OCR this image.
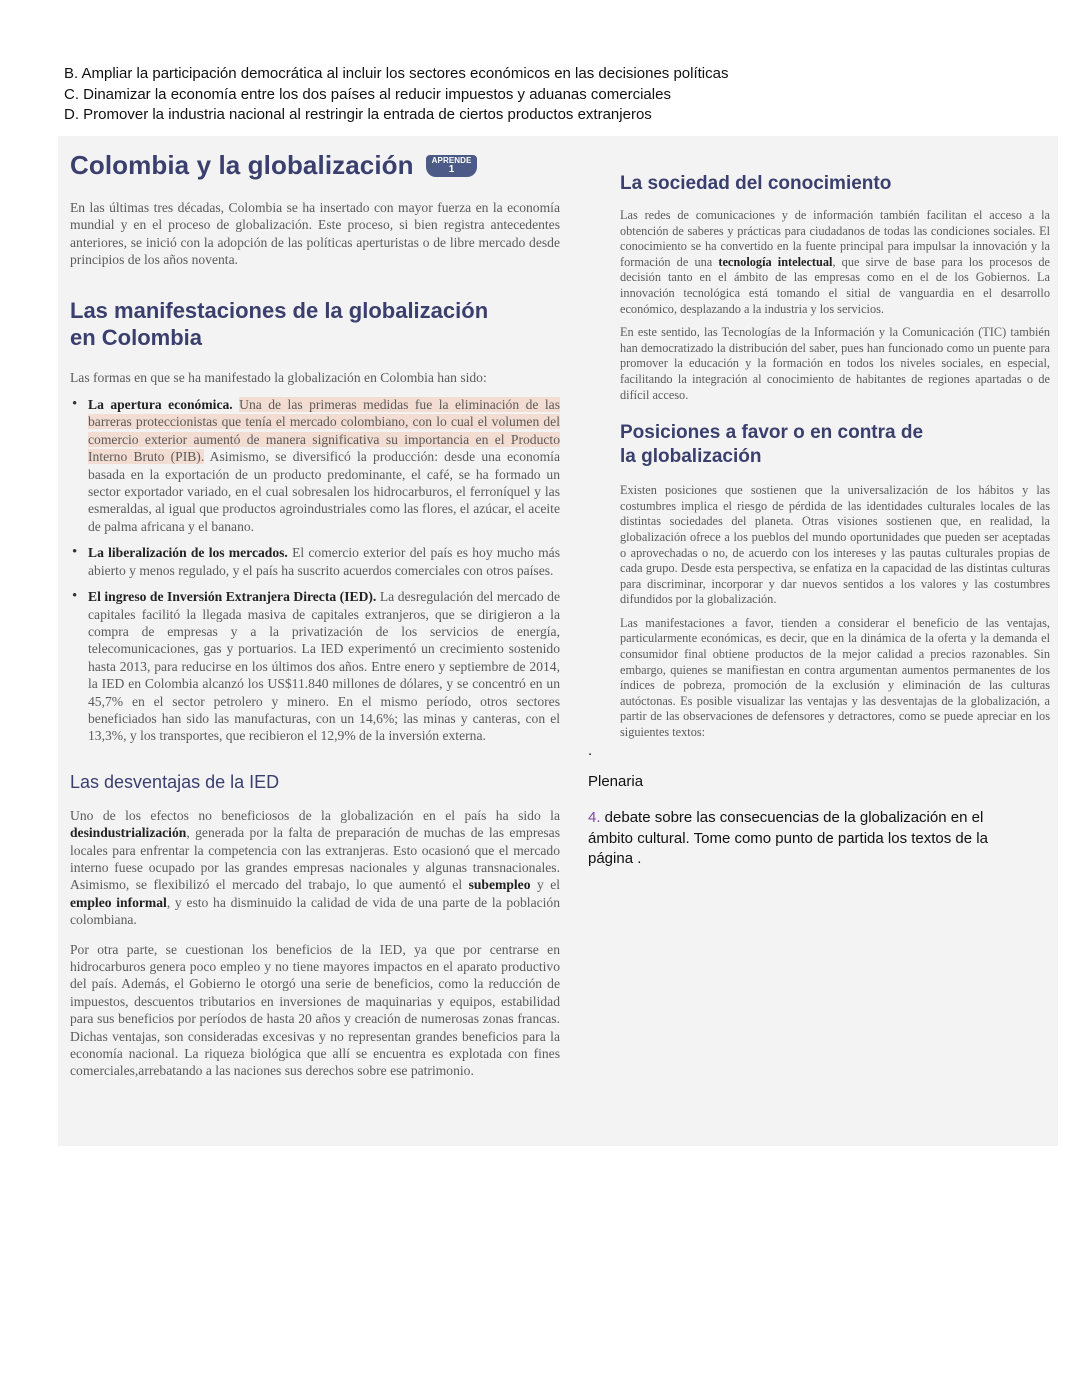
B. Ampliar la participación democrática al incluir los sectores económicos en las decisiones políticas

C. Dinamizar la economía entre los dos países al reducir impuestos y aduanas comerciales

D. Promover la industria nacional al restringir la entrada de ciertos productos extranjeros

Colombia y la globalización APRENDE
1

En las últimas tres décadas, Colombia se ha insertado con mayor fuerza en la economía mundial y en el proceso de globalización. Este proceso, si bien registra antecedentes anteriores, se inició con la adopción de las políticas aperturistas o de libre mercado desde principios de los años noventa.

Las manifestaciones de la globalización en Colombia

Las formas en que se ha manifestado la globalización en Colombia han sido:

• La apertura económica. Una de las primeras medidas fue la eliminación de las barreras proteccionistas que tenía el mercado colombiano, con lo cual el volumen del comercio exterior aumentó de manera significativa su importancia en el Producto Interno Bruto (PIB). Asimismo, se diversificó la producción: desde una economía basada en la exportación de un producto predominante, el café, se ha formado un sector exportador variado, en el cual sobresalen los hidrocarburos, el ferroníquel y las esmeraldas, al igual que productos agroindustriales como las flores, el azúcar, el aceite de palma africana y el banano.
• La liberalización de los mercados. El comercio exterior del país es hoy mucho más abierto y menos regulado, y el país ha suscrito acuerdos comerciales con otros países.
• El ingreso de Inversión Extranjera Directa (IED). La desregulación del mercado de capitales facilitó la llegada masiva de capitales extranjeros, que se dirigieron a la compra de empresas y a la privatización de los servicios de energía, telecomunicaciones, gas y portuarios. La IED experimentó un crecimiento sostenido hasta 2013, para reducirse en los últimos dos años. Entre enero y septiembre de 2014, la IED en Colombia alcanzó los US$11.840 millones de dólares, y se concentró en un 45,7% en el sector petrolero y minero. En el mismo período, otros sectores beneficiados han sido las manufacturas, con un 14,6%; las minas y canteras, con el 13,3%, y los transportes, que recibieron el 12,9% de la inversión externa.
Las desventajas de la IED

Uno de los efectos no beneficiosos de la globalización en el país ha sido la desindustrialización, generada por la falta de preparación de muchas de las empresas locales para enfrentar la competencia con las extranjeras. Esto ocasionó que el mercado interno fuese ocupado por las grandes empresas nacionales y algunas transnacionales. Asimismo, se flexibilizó el mercado del trabajo, lo que aumentó el subempleo y el empleo informal, y esto ha disminuido la calidad de vida de una parte de la población colombiana.

Por otra parte, se cuestionan los beneficios de la IED, ya que por centrarse en hidrocarburos genera poco empleo y no tiene mayores impactos en el aparato productivo del país. Además, el Gobierno le otorgó una serie de beneficios, como la reducción de impuestos, descuentos tributarios en inversiones de maquinarias y equipos, estabilidad para sus beneficios por períodos de hasta 20 años y creación de numerosas zonas francas. Dichas ventajas, son consideradas excesivas y no representan grandes beneficios para la economía nacional. La riqueza biológica que allí se encuentra es explotada con fines comerciales,arrebatando a las naciones sus derechos sobre ese patrimonio.

La sociedad del conocimiento

Las redes de comunicaciones y de información también facilitan el acceso a la obtención de saberes y prácticas para ciudadanos de todas las condiciones sociales. El conocimiento se ha convertido en la fuente principal para impulsar la innovación y la formación de una tecnología intelectual, que sirve de base para los procesos de decisión tanto en el ámbito de las empresas como en el de los Gobiernos. La innovación tecnológica está tomando el sitial de vanguardia en el desarrollo económico, desplazando a la industria y los servicios.

En este sentido, las Tecnologías de la Información y la Comunicación (TIC) también han democratizado la distribución del saber, pues han funcionado como un puente para promover la educación y la formación en todos los niveles sociales, en especial, facilitando la integración al conocimiento de habitantes de regiones apartadas o de difícil acceso.

Posiciones a favor o en contra de la globalización

Existen posiciones que sostienen que la universalización de los hábitos y las costumbres implica el riesgo de pérdida de las identidades culturales locales de las distintas sociedades del planeta. Otras visiones sostienen que, en realidad, la globalización ofrece a los pueblos del mundo oportunidades que pueden ser aceptadas o aprovechadas o no, de acuerdo con los intereses y las pautas culturales propias de cada grupo. Desde esta perspectiva, se enfatiza en la capacidad de las distintas culturas para discriminar, incorporar y dar nuevos sentidos a los valores y las costumbres difundidos por la globalización.

Las manifestaciones a favor, tienden a considerar el beneficio de las ventajas, particularmente económicas, es decir, que en la dinámica de la oferta y la demanda el consumidor final obtiene productos de la mejor calidad a precios razonables. Sin embargo, quienes se manifiestan en contra argumentan aumentos permanentes de los índices de pobreza, promoción de la exclusión y eliminación de las culturas autóctonas. Es posible visualizar las ventajas y las desventajas de la globalización, a partir de las observaciones de defensores y detractores, como se puede apreciar en los siguientes textos:

.

Plenaria

4. debate sobre las consecuencias de la globalización en el ámbito cultural. Tome como punto de partida los textos de la página .
